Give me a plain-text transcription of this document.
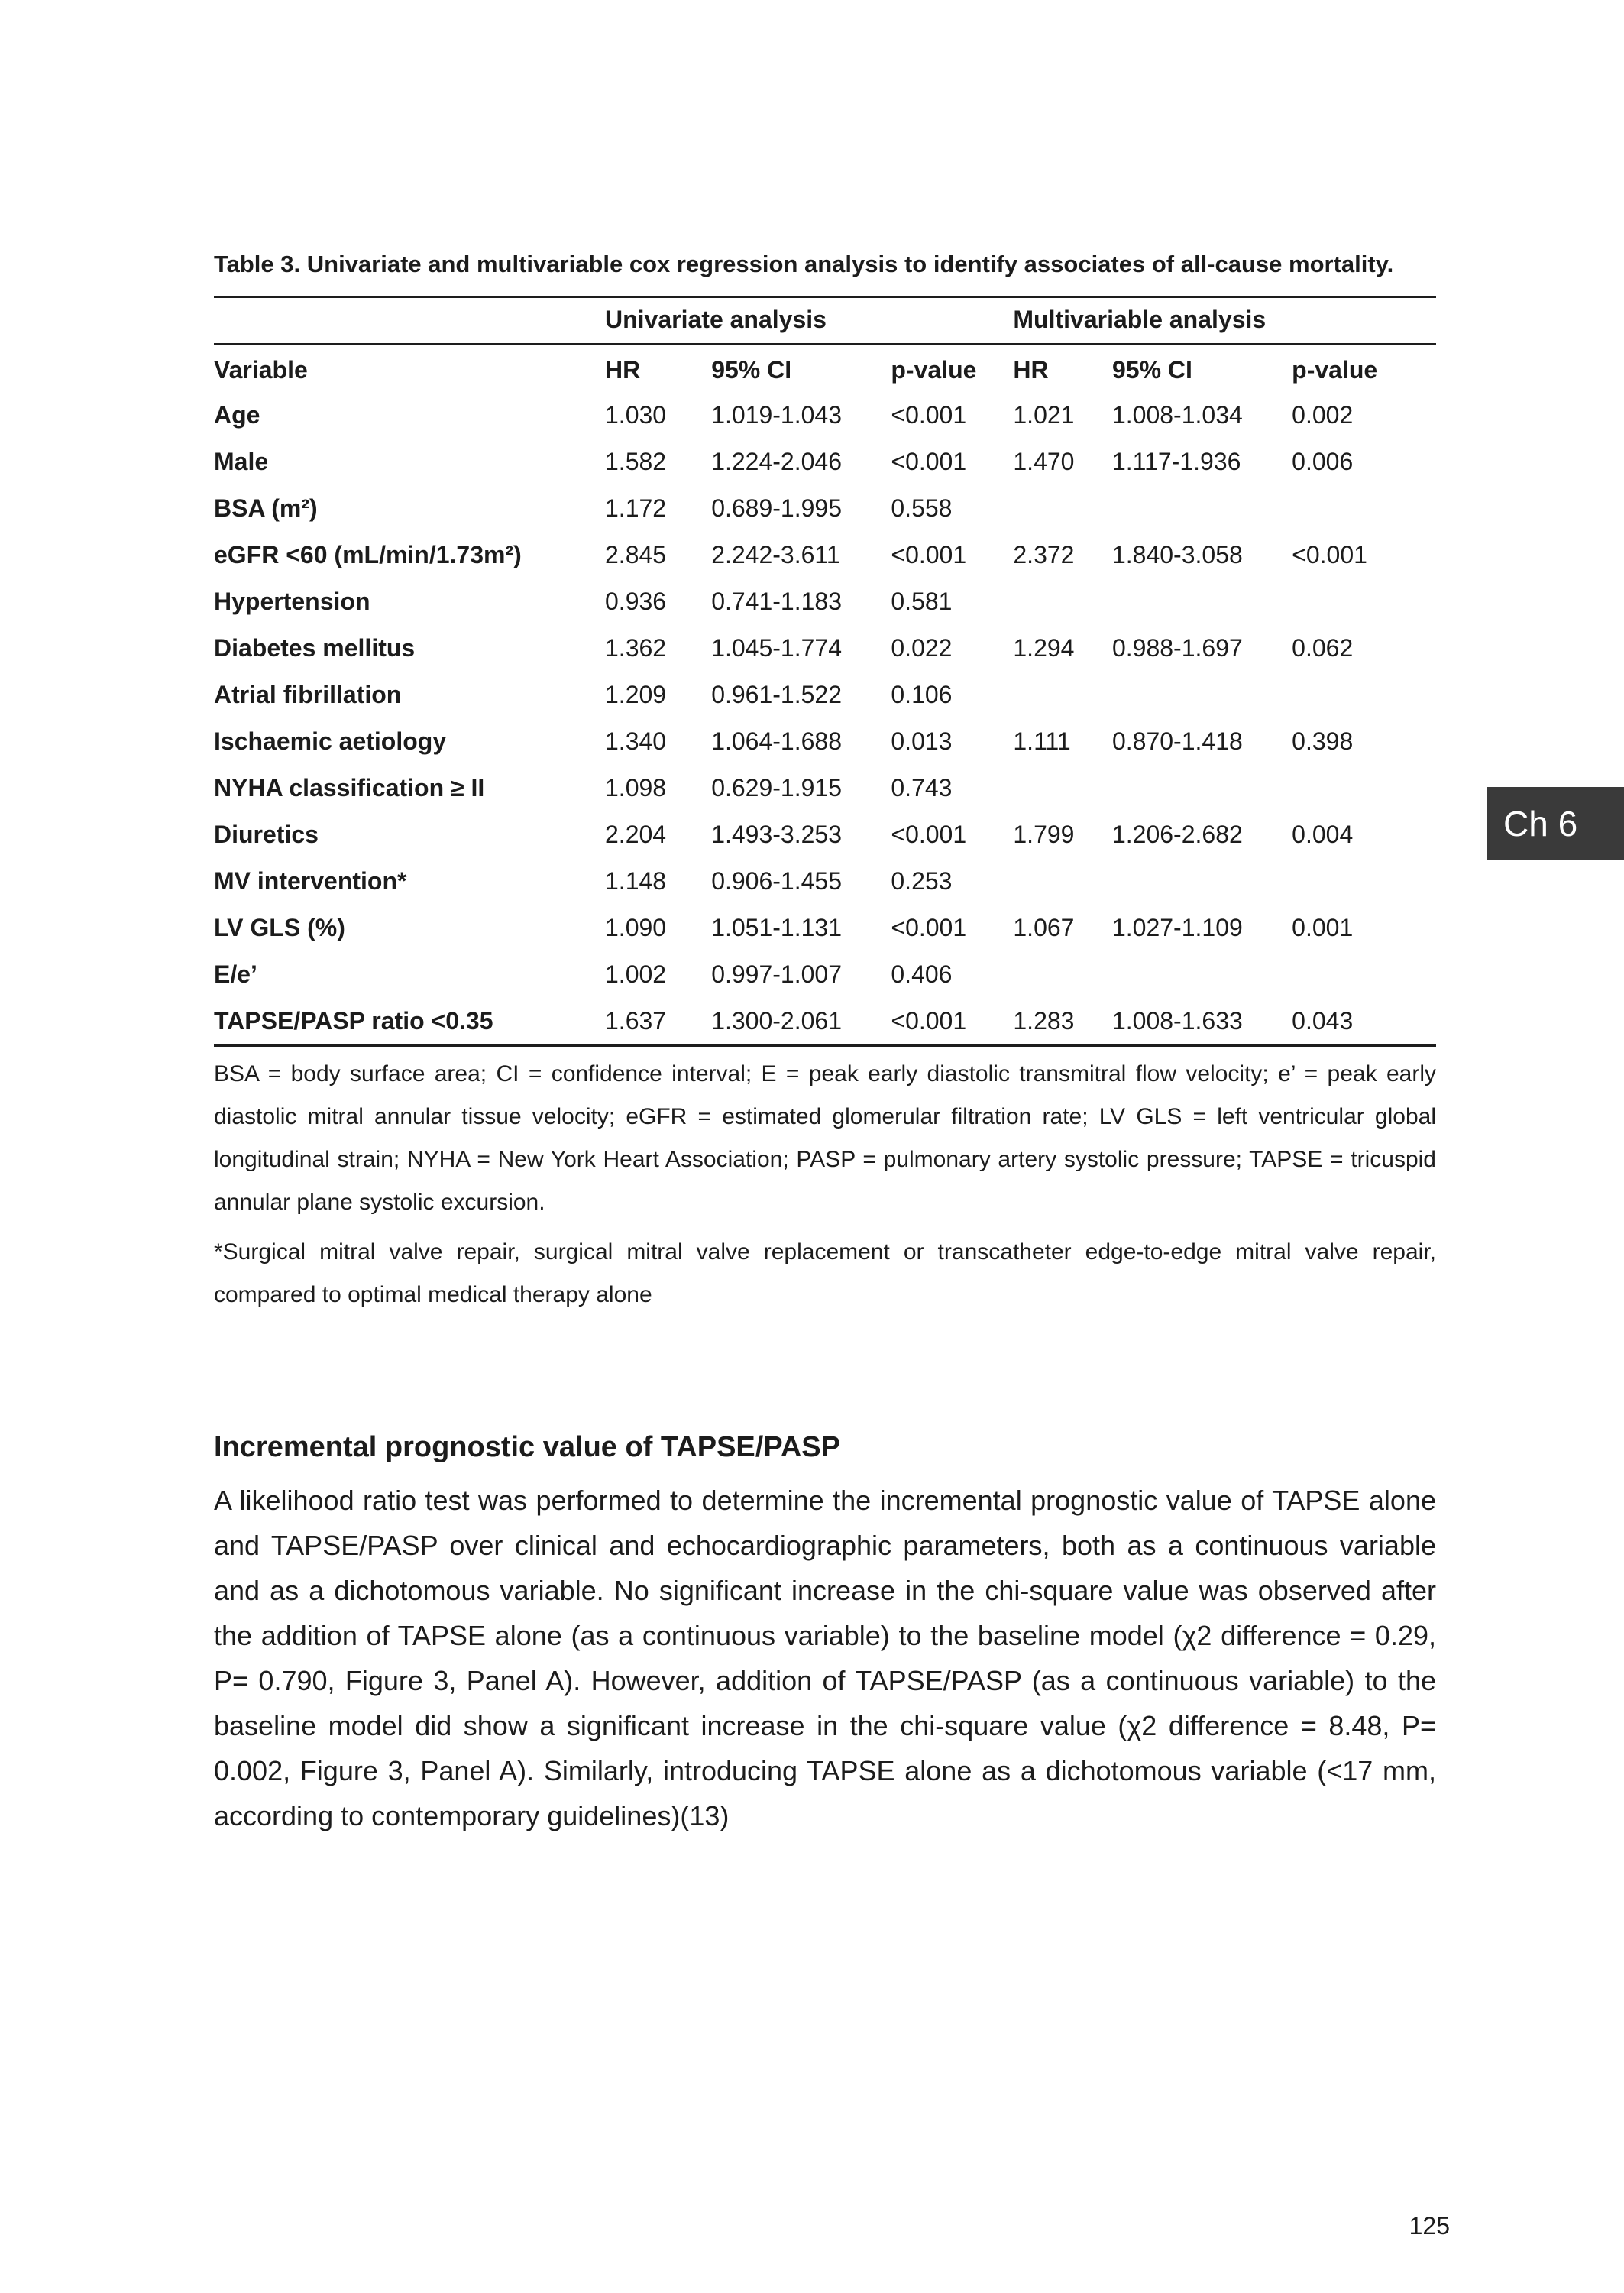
Table 3. Univariate and multivariable cox regression analysis to identify associates of all-cause mortality.

	Univariate analysis			Multivariable analysis		
Variable	HR	95% CI	p-value	HR	95% CI	p-value
Age	1.030	1.019-1.043	<0.001	1.021	1.008-1.034	0.002
Male	1.582	1.224-2.046	<0.001	1.470	1.117-1.936	0.006
BSA (m²)	1.172	0.689-1.995	0.558			
eGFR <60 (mL/min/1.73m²)	2.845	2.242-3.611	<0.001	2.372	1.840-3.058	<0.001
Hypertension	0.936	0.741-1.183	0.581			
Diabetes mellitus	1.362	1.045-1.774	0.022	1.294	0.988-1.697	0.062
Atrial fibrillation	1.209	0.961-1.522	0.106			
Ischaemic aetiology	1.340	1.064-1.688	0.013	1.111	0.870-1.418	0.398
NYHA classification ≥ II	1.098	0.629-1.915	0.743			
Diuretics	2.204	1.493-3.253	<0.001	1.799	1.206-2.682	0.004
MV intervention*	1.148	0.906-1.455	0.253			
LV GLS (%)	1.090	1.051-1.131	<0.001	1.067	1.027-1.109	0.001
E/e’	1.002	0.997-1.007	0.406			
TAPSE/PASP ratio <0.35	1.637	1.300-2.061	<0.001	1.283	1.008-1.633	0.043

BSA = body surface area; CI = confidence interval; E = peak early diastolic transmitral flow velocity; e’ = peak early diastolic mitral annular tissue velocity; eGFR = estimated glomerular filtration rate; LV GLS = left ventricular global longitudinal strain; NYHA = New York Heart Association; PASP = pulmonary artery systolic pressure; TAPSE = tricuspid annular plane systolic excursion.

*Surgical mitral valve repair, surgical mitral valve replacement or transcatheter edge-to-edge mitral valve repair, compared to optimal medical therapy alone

Incremental prognostic value of TAPSE/PASP

A likelihood ratio test was performed to determine the incremental prognostic value of TAPSE alone and TAPSE/PASP over clinical and echocardiographic parameters, both as a continuous variable and as a dichotomous variable. No significant increase in the chi-square value was observed after the addition of TAPSE alone (as a continuous variable) to the baseline model (χ2 difference = 0.29, P= 0.790, Figure 3, Panel A). However, addition of TAPSE/PASP (as a continuous variable) to the baseline model did show a significant increase in the chi-square value (χ2 difference = 8.48, P= 0.002, Figure 3, Panel A). Similarly, introducing TAPSE alone as a dichotomous variable (<17 mm, according to contemporary guidelines)(13)

Ch 6
125
